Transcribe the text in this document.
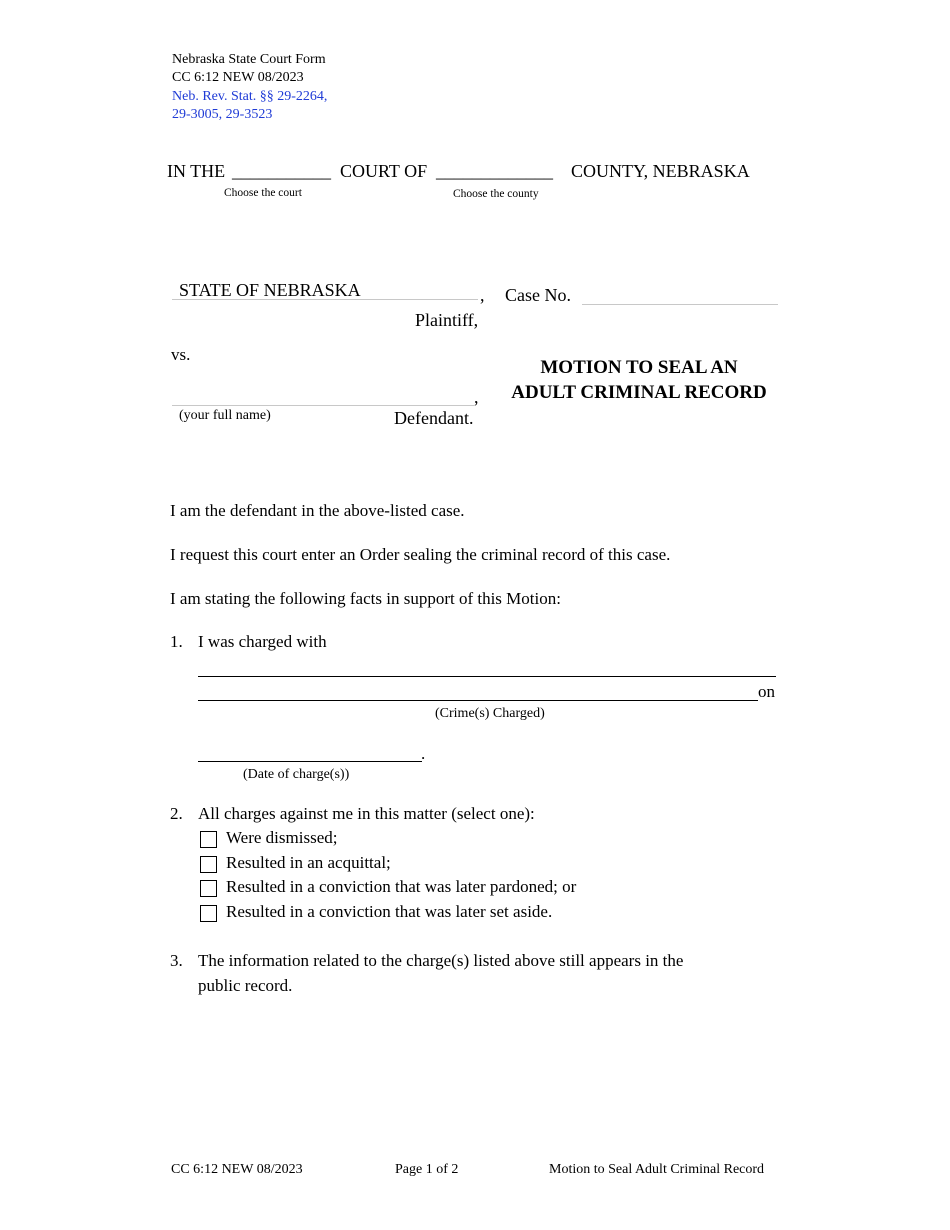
Nebraska State Court Form
CC 6:12 NEW 08/2023
Neb. Rev. Stat. §§ 29-2264,
29-3005, 29-3523
IN THE ___________ COURT OF _____________ COUNTY, NEBRASKA
Choose the court	Choose the county
STATE OF NEBRASKA	, Case No.
Plaintiff,
vs.
,
(your full name)	Defendant.
MOTION TO SEAL AN
ADULT CRIMINAL RECORD
I am the defendant in the above-listed case.
I request this court enter an Order sealing the criminal record of this case.
I am stating the following facts in support of this Motion:
1. I was charged with
on
(Crime(s) Charged)
.
(Date of charge(s))
2. All charges against me in this matter (select one):
Were dismissed;
Resulted in an acquittal;
Resulted in a conviction that was later pardoned; or
Resulted in a conviction that was later set aside.
3. The information related to the charge(s) listed above still appears in the
public record.
CC 6:12 NEW 08/2023	Page 1 of 2	Motion to Seal Adult Criminal Record
